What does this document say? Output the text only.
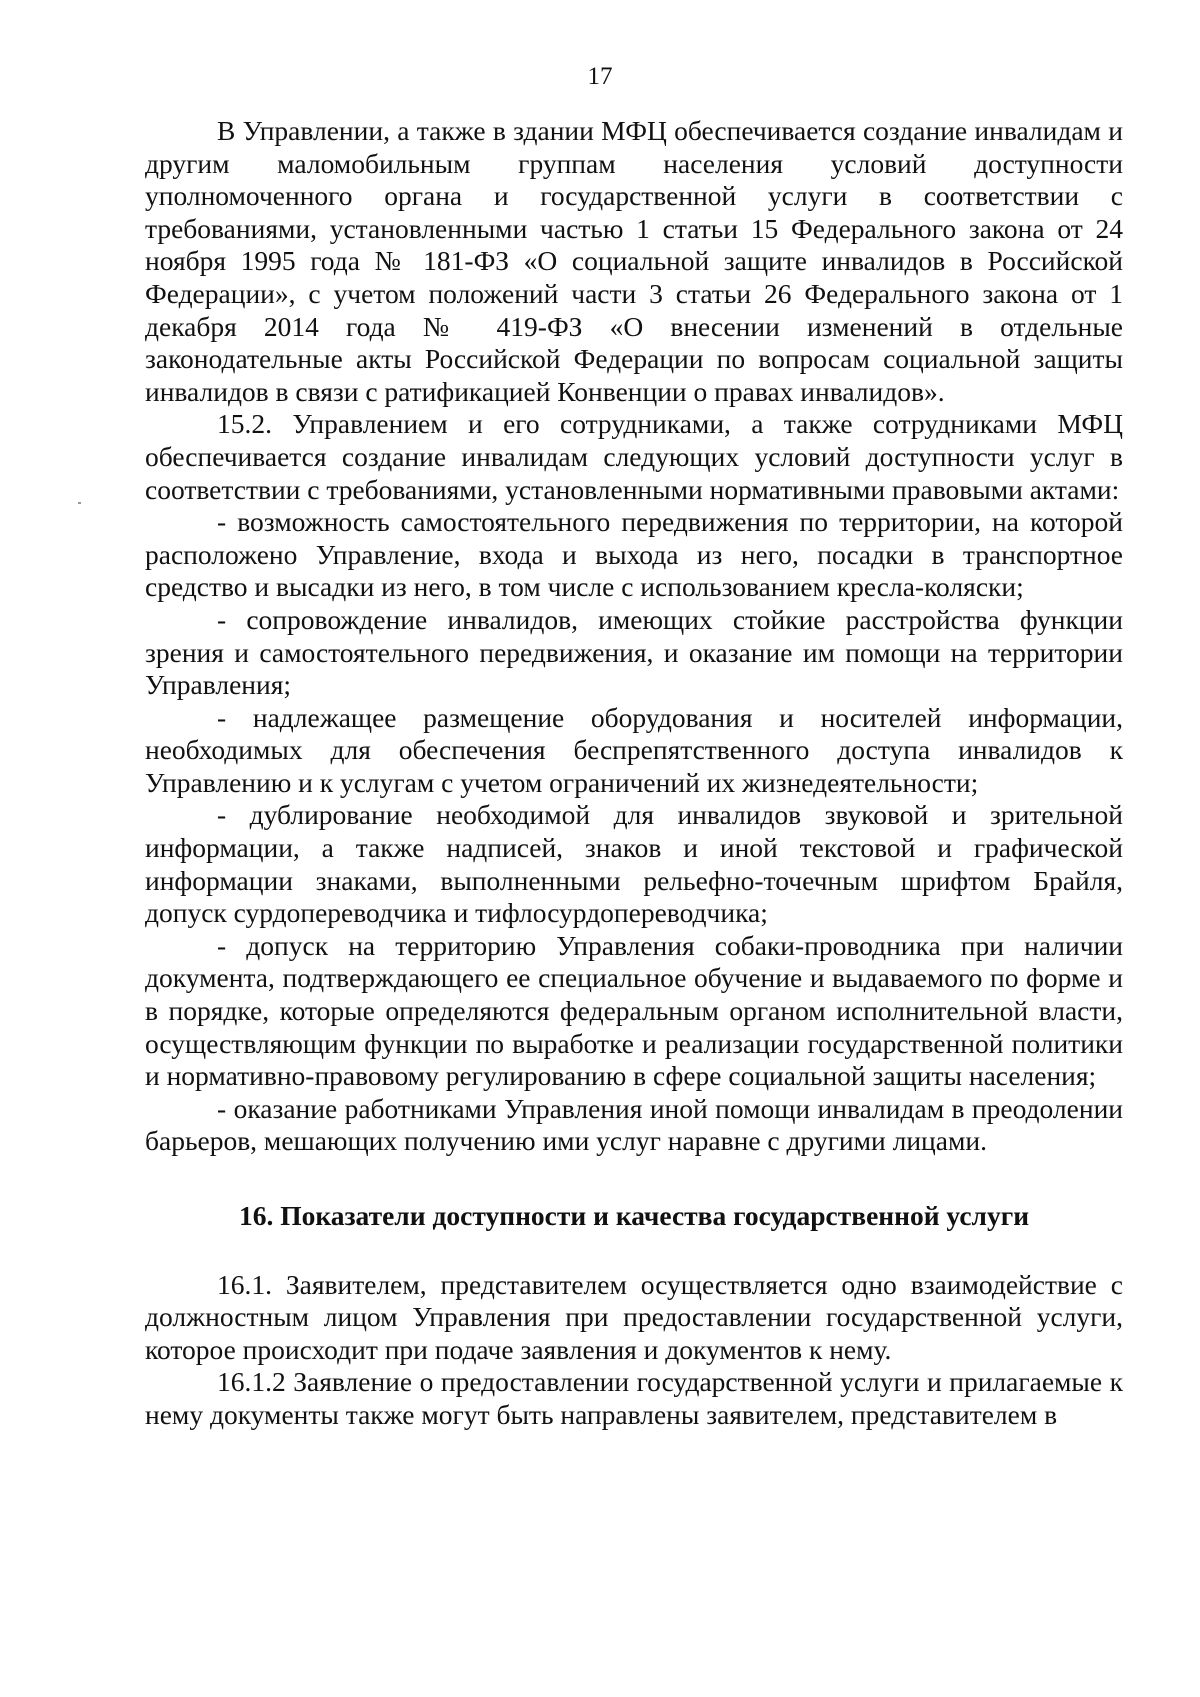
17

В Управлении, а также в здании МФЦ обеспечивается создание инвалидам и другим маломобильным группам населения условий доступности уполномоченного органа и государственной услуги в соответствии с требованиями, установленными частью 1 статьи 15 Федерального закона от 24 ноября 1995 года № 181-ФЗ «О социальной защите инвалидов в Российской Федерации», с учетом положений части 3 статьи 26 Федерального закона от 1 декабря 2014 года № 419-ФЗ «О внесении изменений в отдельные законодательные акты Российской Федерации по вопросам социальной защиты инвалидов в связи с ратификацией Конвенции о правах инвалидов».

15.2. Управлением и его сотрудниками, а также сотрудниками МФЦ обеспечивается создание инвалидам следующих условий доступности услуг в соответствии с требованиями, установленными нормативными правовыми актами:

- возможность самостоятельного передвижения по территории, на которой расположено Управление, входа и выхода из него, посадки в транспортное средство и высадки из него, в том числе с использованием кресла-коляски;

- сопровождение инвалидов, имеющих стойкие расстройства функции зрения и самостоятельного передвижения, и оказание им помощи на территории Управления;

- надлежащее размещение оборудования и носителей информации, необходимых для обеспечения беспрепятственного доступа инвалидов к Управлению и к услугам с учетом ограничений их жизнедеятельности;

- дублирование необходимой для инвалидов звуковой и зрительной информации, а также надписей, знаков и иной текстовой и графической информации знаками, выполненными рельефно-точечным шрифтом Брайля, допуск сурдопереводчика и тифлосурдопереводчика;

- допуск на территорию Управления собаки-проводника при наличии документа, подтверждающего ее специальное обучение и выдаваемого по форме и в порядке, которые определяются федеральным органом исполнительной власти, осуществляющим функции по выработке и реализации государственной политики и нормативно-правовому регулированию в сфере социальной защиты населения;

- оказание работниками Управления иной помощи инвалидам в преодолении барьеров, мешающих получению ими услуг наравне с другими лицами.

16. Показатели доступности и качества государственной услуги

16.1. Заявителем, представителем осуществляется одно взаимодействие с должностным лицом Управления при предоставлении государственной услуги, которое происходит при подаче заявления и документов к нему.

16.1.2 Заявление о предоставлении государственной услуги и прилагаемые к нему документы также могут быть направлены заявителем, представителем в
